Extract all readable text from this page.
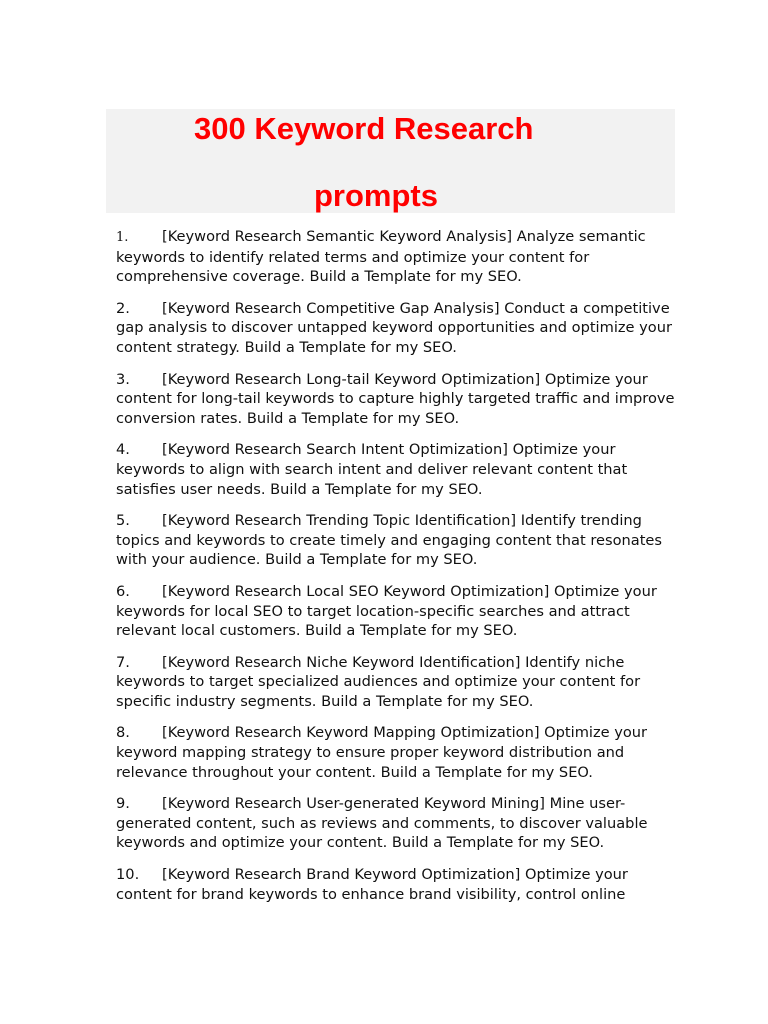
300 Keyword Research
prompts
1. [Keyword Research Semantic Keyword Analysis] Analyze semantic keywords to identify related terms and optimize your content for comprehensive coverage. Build a Template for my SEO.
2. [Keyword Research Competitive Gap Analysis] Conduct a competitive gap analysis to discover untapped keyword opportunities and optimize your content strategy. Build a Template for my SEO.
3. [Keyword Research Long-tail Keyword Optimization] Optimize your content for long-tail keywords to capture highly targeted traffic and improve conversion rates. Build a Template for my SEO.
4. [Keyword Research Search Intent Optimization] Optimize your keywords to align with search intent and deliver relevant content that satisfies user needs. Build a Template for my SEO.
5. [Keyword Research Trending Topic Identification] Identify trending topics and keywords to create timely and engaging content that resonates with your audience. Build a Template for my SEO.
6. [Keyword Research Local SEO Keyword Optimization] Optimize your keywords for local SEO to target location-specific searches and attract relevant local customers. Build a Template for my SEO.
7. [Keyword Research Niche Keyword Identification] Identify niche keywords to target specialized audiences and optimize your content for specific industry segments. Build a Template for my SEO.
8. [Keyword Research Keyword Mapping Optimization] Optimize your keyword mapping strategy to ensure proper keyword distribution and relevance throughout your content. Build a Template for my SEO.
9. [Keyword Research User-generated Keyword Mining] Mine user-generated content, such as reviews and comments, to discover valuable keywords and optimize your content. Build a Template for my SEO.
10. [Keyword Research Brand Keyword Optimization] Optimize your content for brand keywords to enhance brand visibility, control online
